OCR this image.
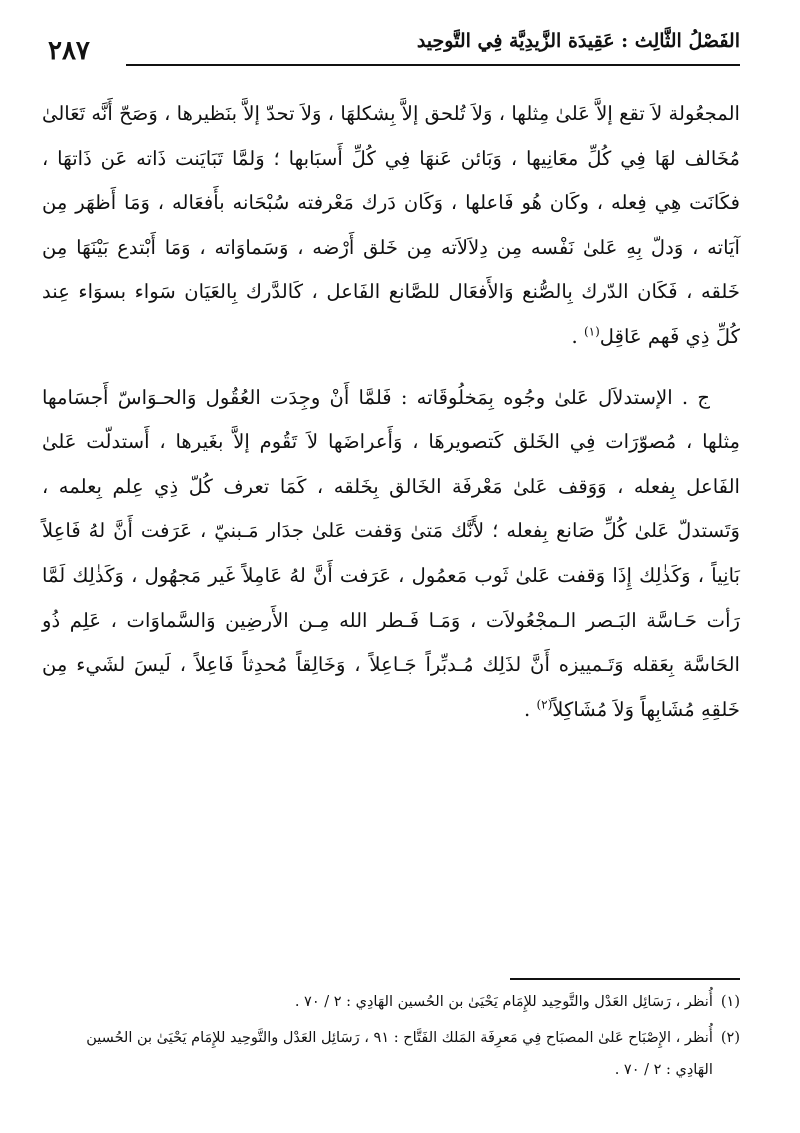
الفَصْلُ الثَّالِث : عَقِيدَة الزَّيدِيَّة فِي التَّوحِيد
٢٨٧

المجعُولة لاَ تقع إلاَّ عَلىٰ مِثلها ، وَلاَ تُلحق إلاَّ بِشكلهَا ، وَلاَ تحدّ إلاَّ بنَظيرها ، وَصَحّ أَنَّه تَعَالىٰ مُخَالف لهَا فِي كُلِّ معَانِيها ، وَبَائن عَنهَا فِي كُلِّ أَسبَابها ؛ وَلمَّا تَبَايَنت ذَاته عَن ذَاتهَا ، فكَانَت هِي فِعله ، وكَان هُو فَاعلها ، وَكَان دَرك مَعْرفته سُبْحَانه بأَفعَاله ، وَمَا أَظهَر مِن آيَاته ، وَدلّ بِهِ عَلىٰ نَفْسه مِن دِلاَلاَته مِن خَلق أَرْضه ، وَسَماوَاته ، وَمَا أَبْتدع بَيْنَهَا مِن خَلقه ، فَكَان الدّرك بِالصُّنع وَالأَفعَال للصَّانع الفَاعل ، كَالدَّرك بِالعَيَان سَواء بسوَاء عِند كُلِّ ذِي فَهم عَاقِل$^{(١)}$ .

ج . الإستدلاَل عَلىٰ وجُوه بِمَخلُوقَاته : فَلمَّا أَنْ وجِدَت العُقُول وَالحـوَاسّ أَجسَامها مِثلها ، مُصوّرَات فِي الخَلق كَتصويرهَا ، وَأَعراضَها لاَ تَقُوم إلاَّ بغَيرها ، أَستدلّت عَلىٰ الفَاعل بِفعله ، وَوَقف عَلىٰ مَعْرفَة الخَالق بِخَلقه ، كَمَا تعرف كُلّ ذِي عِلم بِعلمه ، وَتَستدلّ عَلىٰ كُلِّ صَانع بِفعله ؛ لأَنَّك مَتىٰ وَقفت عَلىٰ جدَار مَـبنيّ ، عَرَفت أَنَّ لهُ فَاعِلاً بَانِياً ، وَكَذٰلِك إِذَا وَقفت عَلىٰ ثَوب مَعمُول ، عَرَفت أَنَّ لهُ عَامِلاً غَير مَجهُول ، وَكَذٰلِك لَمَّا رَأت حَـاسَّة البَـصر الـمجْعُولاَت ، وَمَـا فَـطر الله مِـن الأَرضِين وَالسَّماوَات ، عَلِم ذُو الحَاسَّة بِعَقله وَتَـمييزه أَنَّ لذَلِك مُـدبِّراً جَـاعِلاً ، وَخَالِقاً مُحدِثاً فَاعِلاً ، لَيسَ لشَيء مِن خَلقِهِ مُشَابِهاً وَلاَ مُشَاكِلاً$^{(٢)}$ .

(١)
أُنظر ، رَسَائِل العَدْل والتَّوحِيد للإِمَام يَحْيَىٰ بن الحُسين الهَادِي : ٢ / ٧٠ .

(٢)
أُنظر ، الإِصْبَاح عَلىٰ المصبَاح فِي مَعرِفَة المَلك الفَتَّاح : ٩١ ، رَسَائِل العَدْل والتَّوحِيد للإِمَام يَحْيَىٰ بن الحُسين الهَادِي : ٢ / ٧٠ .
